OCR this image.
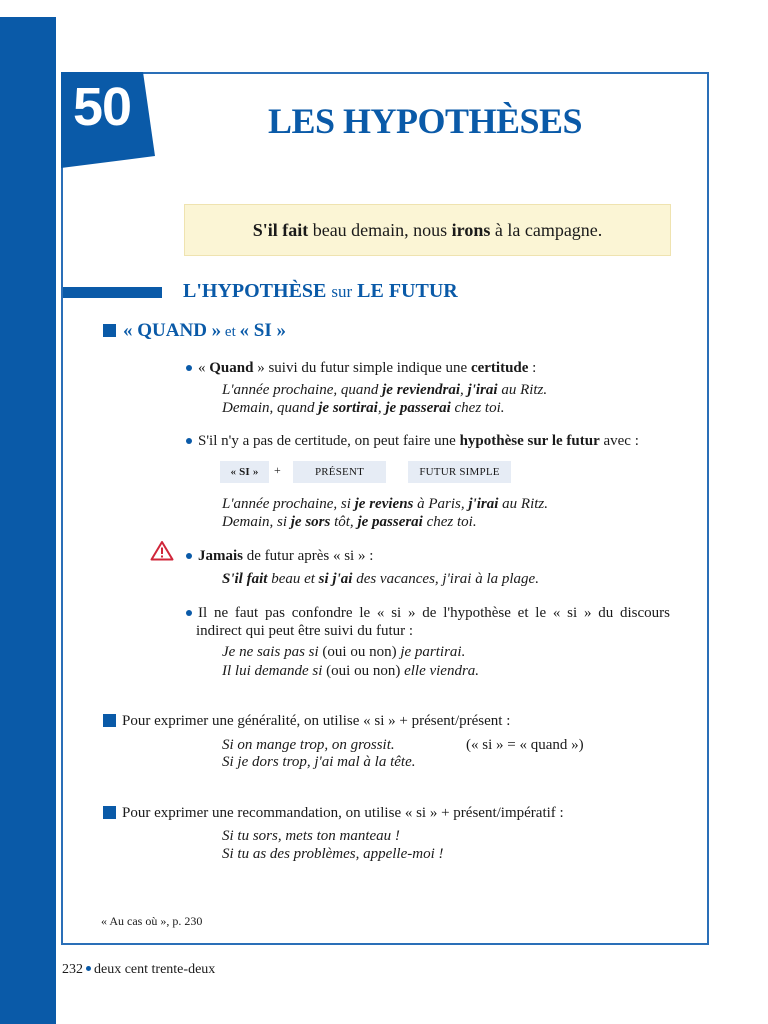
50	LES HYPOTHÈSES
S'il fait beau demain, nous irons à la campagne.
L'HYPOTHÈSE sur LE FUTUR
« QUAND » et « SI »
« Quand » suivi du futur simple indique une certitude :
L'année prochaine, quand je reviendrai, j'irai au Ritz.
Demain, quand je sortirai, je passerai chez toi.
S'il n'y a pas de certitude, on peut faire une hypothèse sur le futur avec :
« SI »	+	PRÉSENT	FUTUR SIMPLE
L'année prochaine, si je reviens à Paris, j'irai au Ritz.
Demain, si je sors tôt, je passerai chez toi.
Jamais de futur après « si » :
S'il fait beau et si j'ai des vacances, j'irai à la plage.
Il ne faut pas confondre le « si » de l'hypothèse et le « si » du discours
indirect qui peut être suivi du futur :
Je ne sais pas si (oui ou non) je partirai.
Il lui demande si (oui ou non) elle viendra.
Pour exprimer une généralité, on utilise « si » + présent/présent :
Si on mange trop, on grossit.	(« si » = « quand »)
Si je dors trop, j'ai mal à la tête.
Pour exprimer une recommandation, on utilise « si » + présent/impératif :
Si tu sors, mets ton manteau !
Si tu as des problèmes, appelle-moi !
« Au cas où », p. 230
232 deux cent trente-deux
